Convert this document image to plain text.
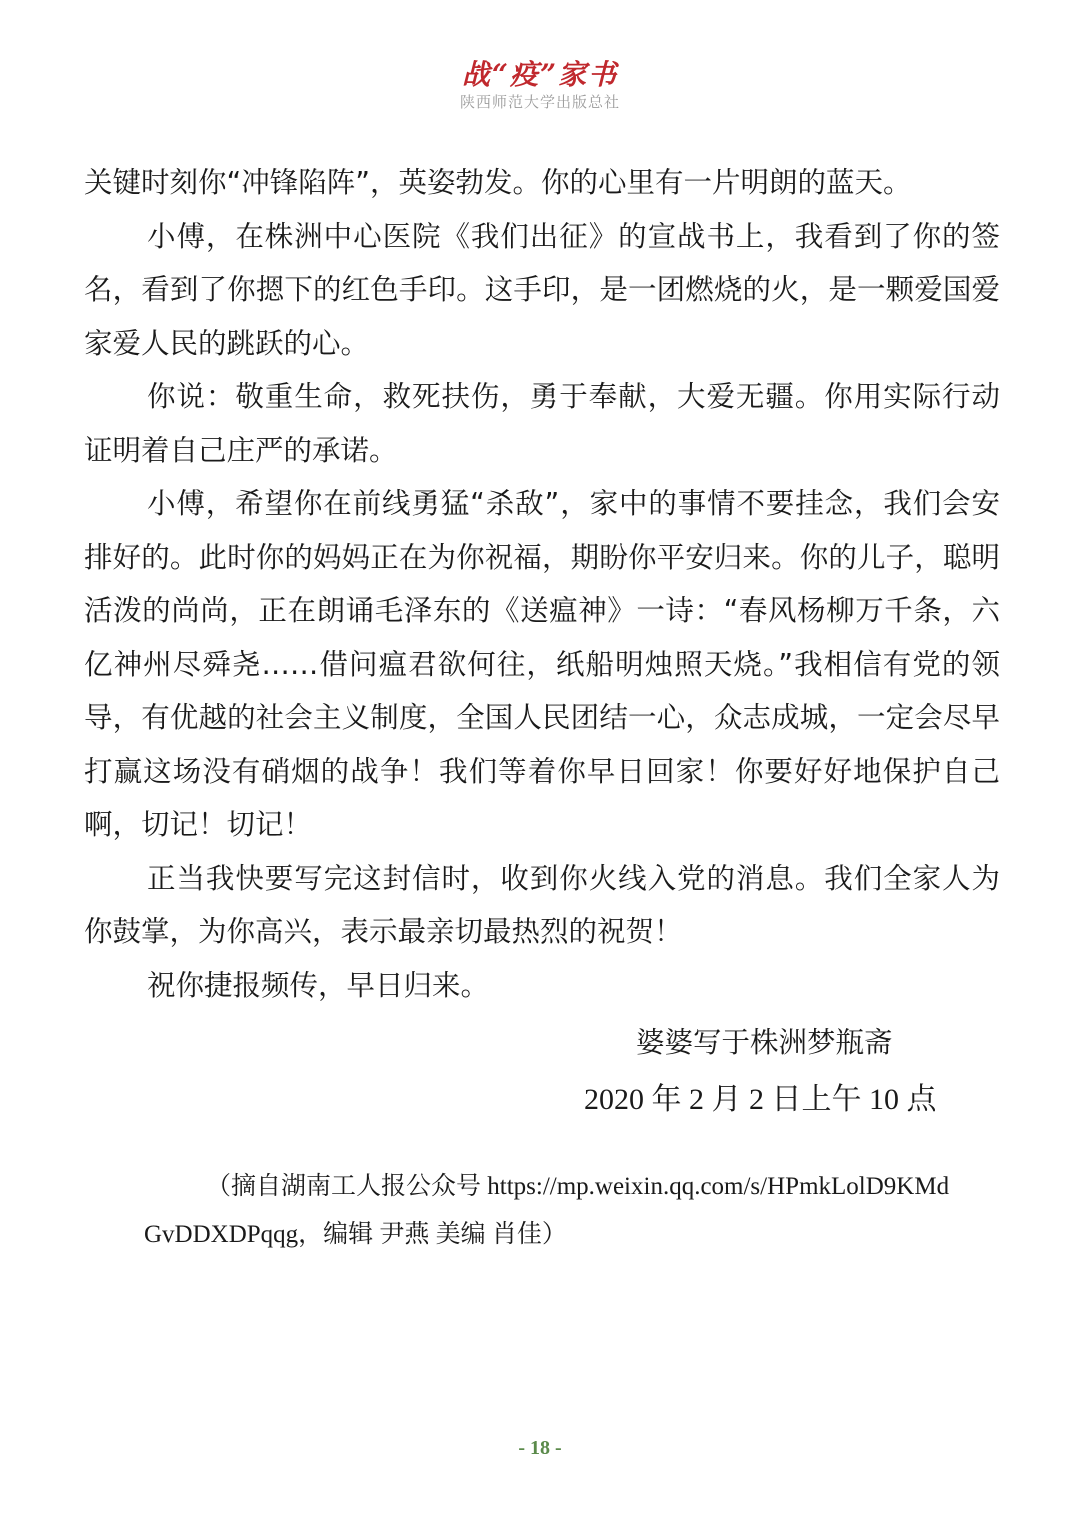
战“疫”家书
陕西师范大学出版总社

关键时刻你“冲锋陷阵”，英姿勃发。你的心里有一片明朗的蓝天。

小傅，在株洲中心医院《我们出征》的宣战书上，我看到了你的签名，看到了你摁下的红色手印。这手印，是一团燃烧的火，是一颗爱国爱家爱人民的跳跃的心。

你说：敬重生命，救死扶伤，勇于奉献，大爱无疆。你用实际行动证明着自己庄严的承诺。

小傅，希望你在前线勇猛“杀敌”，家中的事情不要挂念，我们会安排好的。此时你的妈妈正在为你祝福，期盼你平安归来。你的儿子，聪明活泼的尚尚，正在朗诵毛泽东的《送瘟神》一诗：“春风杨柳万千条，六亿神州尽舜尧……借问瘟君欲何往，纸船明烛照天烧。”我相信有党的领导，有优越的社会主义制度，全国人民团结一心，众志成城，一定会尽早打赢这场没有硝烟的战争！我们等着你早日回家！你要好好地保护自己啊，切记！切记！

正当我快要写完这封信时，收到你火线入党的消息。我们全家人为你鼓掌，为你高兴，表示最亲切最热烈的祝贺！

祝你捷报频传，早日归来。

婆婆写于株洲梦瓶斋
2020 年 2 月 2 日上午 10 点
（摘自湖南工人报公众号 https://mp.weixin.qq.com/s/HPmkLolD9KMd
GvDDXDPqqg，编辑 尹燕 美编 肖佳）
- 18 -
